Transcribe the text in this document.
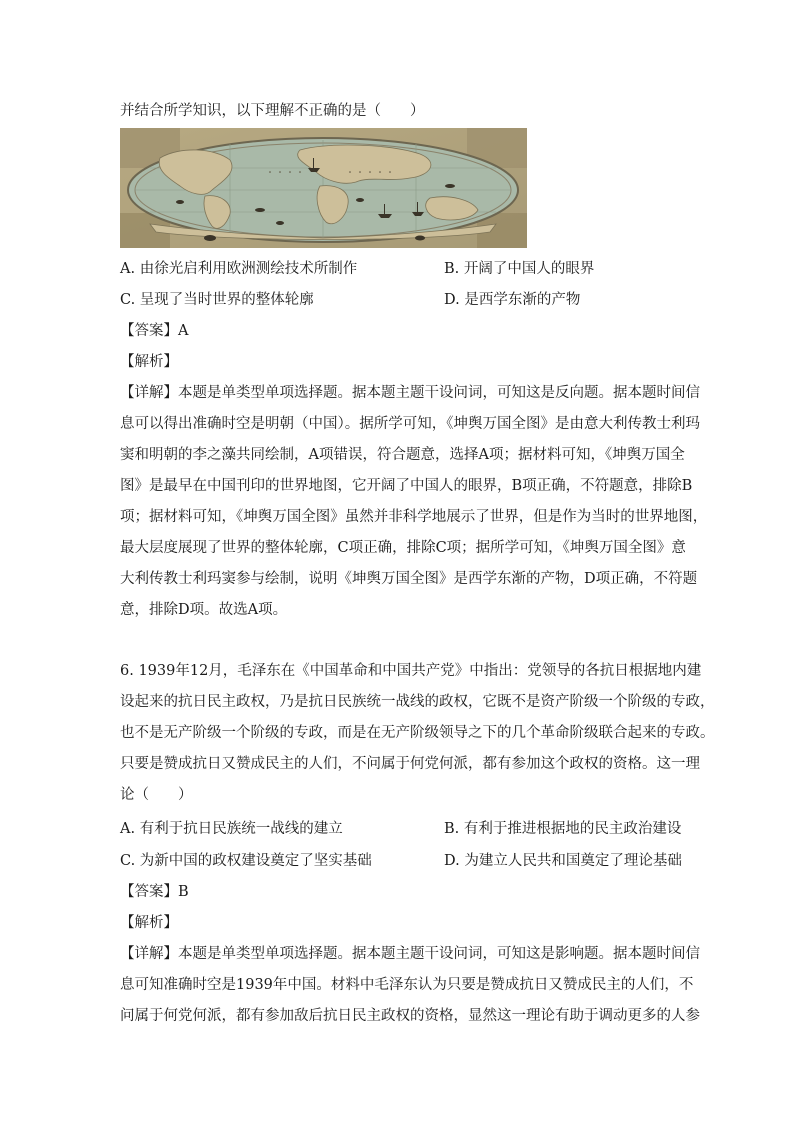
并结合所学知识，以下理解不正确的是（　　）
A. 由徐光启利用欧洲测绘技术所制作	B. 开阔了中国人的眼界
C. 呈现了当时世界的整体轮廓	D. 是西学东渐的产物
【答案】A
【解析】
【详解】本题是单类型单项选择题。据本题主题干设问词，可知这是反向题。据本题时间信
息可以得出准确时空是明朝（中国）。据所学可知，《坤舆万国全图》是由意大利传教士利玛
窦和明朝的李之藻共同绘制，A项错误，符合题意，选择A项；据材料可知，《坤舆万国全
图》是最早在中国刊印的世界地图，它开阔了中国人的眼界，B项正确，不符题意，排除B
项；据材料可知，《坤舆万国全图》虽然并非科学地展示了世界，但是作为当时的世界地图，
最大层度展现了世界的整体轮廓，C项正确，排除C项；据所学可知，《坤舆万国全图》意
大利传教士利玛窦参与绘制，说明《坤舆万国全图》是西学东渐的产物，D项正确，不符题
意，排除D项。故选A项。
6. 1939年12月，毛泽东在《中国革命和中国共产党》中指出：党领导的各抗日根据地内建
设起来的抗日民主政权，乃是抗日民族统一战线的政权，它既不是资产阶级一个阶级的专政，
也不是无产阶级一个阶级的专政，而是在无产阶级领导之下的几个革命阶级联合起来的专政。
只要是赞成抗日又赞成民主的人们，不问属于何党何派，都有参加这个政权的资格。这一理
论（　　）
A. 有利于抗日民族统一战线的建立	B. 有利于推进根据地的民主政治建设
C. 为新中国的政权建设奠定了坚实基础	D. 为建立人民共和国奠定了理论基础
【答案】B
【解析】
【详解】本题是单类型单项选择题。据本题主题干设问词，可知这是影响题。据本题时间信
息可知准确时空是1939年中国。材料中毛泽东认为只要是赞成抗日又赞成民主的人们，不
问属于何党何派，都有参加敌后抗日民主政权的资格，显然这一理论有助于调动更多的人参
